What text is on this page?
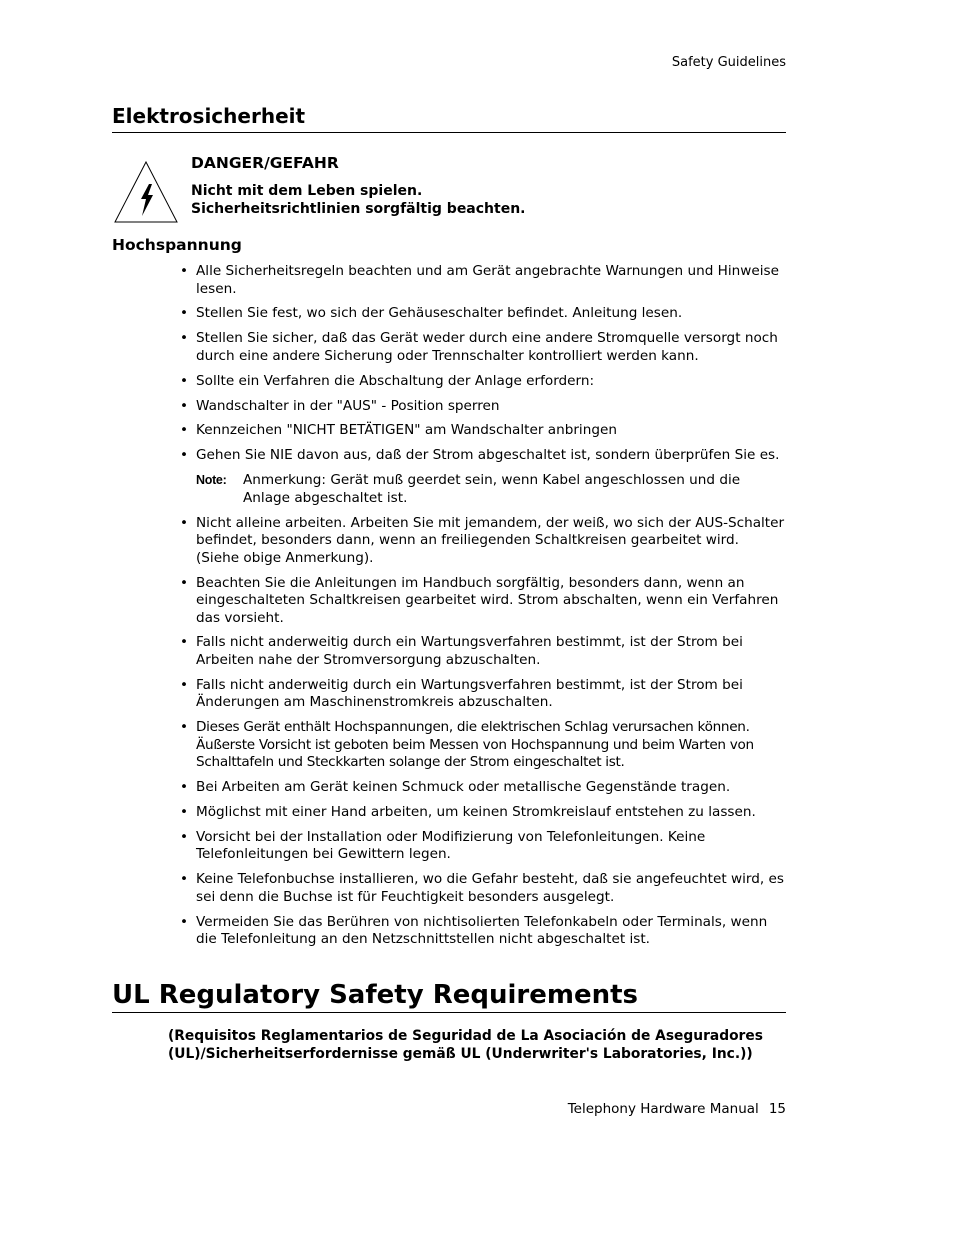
Safety Guidelines
Elektrosicherheit
DANGER/GEFAHR
Nicht mit dem Leben spielen.
Sicherheitsrichtlinien sorgfältig beachten.
Hochspannung
• Alle Sicherheitsregeln beachten und am Gerät angebrachte Warnungen und Hinweise lesen.
• Stellen Sie fest, wo sich der Gehäuseschalter befindet. Anleitung lesen.
• Stellen Sie sicher, daß das Gerät weder durch eine andere Stromquelle versorgt noch durch eine andere Sicherung oder Trennschalter kontrolliert werden kann.
• Sollte ein Verfahren die Abschaltung der Anlage erfordern:
• Wandschalter in der "AUS" - Position sperren
• Kennzeichen "NICHT BETÄTIGEN" am Wandschalter anbringen
• Gehen Sie NIE davon aus, daß der Strom abgeschaltet ist, sondern überprüfen Sie es.
Note: Anmerkung: Gerät muß geerdet sein, wenn Kabel angeschlossen und die Anlage abgeschaltet ist.
• Nicht alleine arbeiten. Arbeiten Sie mit jemandem, der weiß, wo sich der AUS-Schalter befindet, besonders dann, wenn an freiliegenden Schaltkreisen gearbeitet wird. (Siehe obige Anmerkung).
• Beachten Sie die Anleitungen im Handbuch sorgfältig, besonders dann, wenn an eingeschalteten Schaltkreisen gearbeitet wird. Strom abschalten, wenn ein Verfahren das vorsieht.
• Falls nicht anderweitig durch ein Wartungsverfahren bestimmt, ist der Strom bei Arbeiten nahe der Stromversorgung abzuschalten.
• Falls nicht anderweitig durch ein Wartungsverfahren bestimmt, ist der Strom bei Änderungen am Maschinenstromkreis abzuschalten.
• Dieses Gerät enthält Hochspannungen, die elektrischen Schlag verursachen können. Äußerste Vorsicht ist geboten beim Messen von Hochspannung und beim Warten von Schalttafeln und Steckkarten solange der Strom eingeschaltet ist.
• Bei Arbeiten am Gerät keinen Schmuck oder metallische Gegenstände tragen.
• Möglichst mit einer Hand arbeiten, um keinen Stromkreislauf entstehen zu lassen.
• Vorsicht bei der Installation oder Modifizierung von Telefonleitungen. Keine Telefonleitungen bei Gewittern legen.
• Keine Telefonbuchse installieren, wo die Gefahr besteht, daß sie angefeuchtet wird, es sei denn die Buchse ist für Feuchtigkeit besonders ausgelegt.
• Vermeiden Sie das Berühren von nichtisolierten Telefonkabeln oder Terminals, wenn die Telefonleitung an den Netzschnittstellen nicht abgeschaltet ist.
UL Regulatory Safety Requirements
(Requisitos Reglamentarios de Seguridad de La Asociación de Aseguradores
(UL)/Sicherheitserfordernisse gemäß UL (Underwriter's Laboratories, Inc.))
Telephony Hardware Manual 15
